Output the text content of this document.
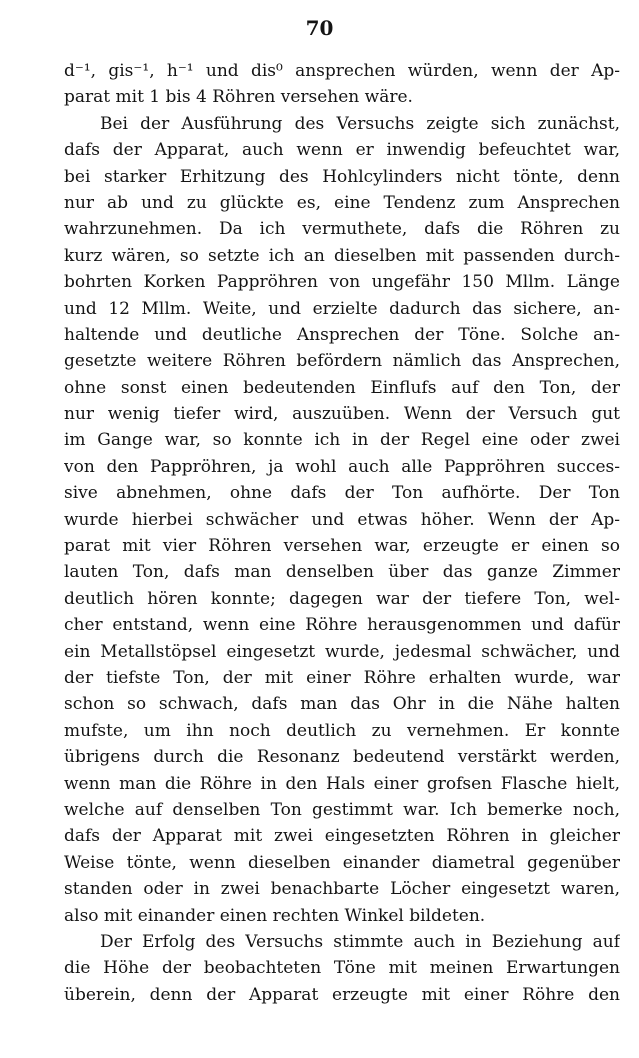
70
d⁻¹, gis⁻¹, h⁻¹ und dis⁰ ansprechen würden, wenn der Ap-
parat mit 1 bis 4 Röhren versehen wäre.
Bei der Ausführung des Versuchs zeigte sich zunächst,
dafs der Apparat, auch wenn er inwendig befeuchtet war,
bei starker Erhitzung des Hohlcylinders nicht tönte, denn
nur ab und zu glückte es, eine Tendenz zum Ansprechen
wahrzunehmen. Da ich vermuthete, dafs die Röhren zu
kurz wären, so setzte ich an dieselben mit passenden durch-
bohrten Korken Pappröhren von ungefähr 150 Mllm. Länge
und 12 Mllm. Weite, und erzielte dadurch das sichere, an-
haltende und deutliche Ansprechen der Töne. Solche an-
gesetzte weitere Röhren befördern nämlich das Ansprechen,
ohne sonst einen bedeutenden Einflufs auf den Ton, der
nur wenig tiefer wird, auszuüben. Wenn der Versuch gut
im Gange war, so konnte ich in der Regel eine oder zwei
von den Pappröhren, ja wohl auch alle Pappröhren succes-
sive abnehmen, ohne dafs der Ton aufhörte. Der Ton
wurde hierbei schwächer und etwas höher. Wenn der Ap-
parat mit vier Röhren versehen war, erzeugte er einen so
lauten Ton, dafs man denselben über das ganze Zimmer
deutlich hören konnte; dagegen war der tiefere Ton, wel-
cher entstand, wenn eine Röhre herausgenommen und dafür
ein Metallstöpsel eingesetzt wurde, jedesmal schwächer, und
der tiefste Ton, der mit einer Röhre erhalten wurde, war
schon so schwach, dafs man das Ohr in die Nähe halten
mufste, um ihn noch deutlich zu vernehmen. Er konnte
übrigens durch die Resonanz bedeutend verstärkt werden,
wenn man die Röhre in den Hals einer grofsen Flasche hielt,
welche auf denselben Ton gestimmt war. Ich bemerke noch,
dafs der Apparat mit zwei eingesetzten Röhren in gleicher
Weise tönte, wenn dieselben einander diametral gegenüber
standen oder in zwei benachbarte Löcher eingesetzt waren,
also mit einander einen rechten Winkel bildeten.
Der Erfolg des Versuchs stimmte auch in Beziehung auf
die Höhe der beobachteten Töne mit meinen Erwartungen
überein, denn der Apparat erzeugte mit einer Röhre den
